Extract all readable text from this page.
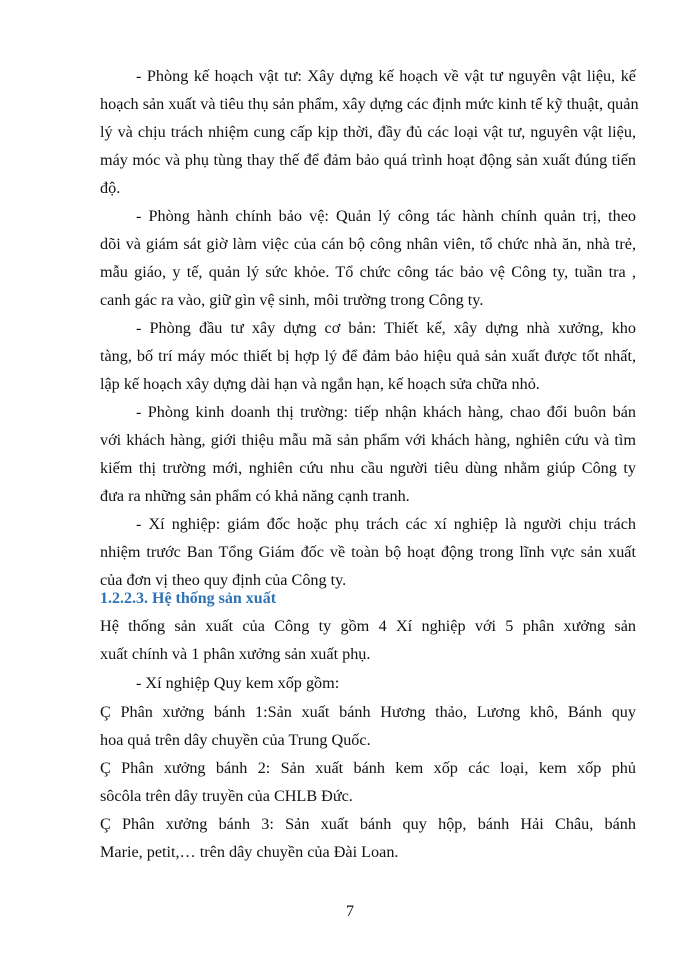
- Phòng kế hoạch vật tư: Xây dựng kế hoạch về vật tư nguyên vật liệu, kế
hoạch sản xuất và tiêu thụ sản phẩm, xây dựng các định mức kinh tế kỹ thuật, quản
lý và chịu trách nhiệm cung cấp kịp thời, đầy đủ các loại vật tư, nguyên vật liệu,
máy móc và phụ tùng thay thế để đảm bảo quá trình hoạt động sản xuất đúng tiến
độ.
- Phòng hành chính bảo vệ: Quản lý công tác hành chính quản trị, theo
dõi và giám sát giờ làm việc của cán bộ công nhân viên, tổ chức nhà ăn, nhà trẻ,
mẫu giáo, y tế, quản lý sức khỏe. Tổ chức công tác bảo vệ Công ty, tuần tra ,
canh gác ra vào, giữ gìn vệ sinh, môi trường trong Công ty.
- Phòng đầu tư xây dựng cơ bản: Thiết kế, xây dựng nhà xưởng, kho
tàng, bố trí máy móc thiết bị hợp lý để đảm bảo hiệu quả sản xuất được tốt nhất,
lập kế hoạch xây dựng dài hạn và ngắn hạn, kế hoạch sửa chữa nhỏ.
- Phòng kinh doanh thị trường: tiếp nhận khách hàng, chao đổi buôn bán
với khách hàng, giới thiệu mẫu mã sản phẩm với khách hàng, nghiên cứu và tìm
kiếm thị trường mới, nghiên cứu nhu cầu người tiêu dùng nhằm giúp Công ty
đưa ra những sản phẩm có khả năng cạnh tranh.
- Xí nghiệp: giám đốc hoặc phụ trách các xí nghiệp là người chịu trách
nhiệm trước Ban Tổng Giám đốc về toàn bộ hoạt động trong lĩnh vực sản xuất
của đơn vị theo quy định của Công ty.
1.2.2.3. Hệ thống sản xuất
Hệ thống sản xuất của Công ty gồm 4 Xí nghiệp với 5 phân xưởng sản
xuất chính và 1 phân xưởng sản xuất phụ.
- Xí nghiệp Quy kem xốp gồm:
Ç Phân xưởng bánh 1:Sản xuất bánh Hương thảo, Lương khô, Bánh quy
hoa quả trên dây chuyền của Trung Quốc.
Ç Phân xưởng bánh 2: Sản xuất bánh kem xốp các loại, kem xốp phủ
sôcôla trên dây truyền của CHLB Đức.
Ç Phân xưởng bánh 3: Sản xuất bánh quy hộp, bánh Hải Châu, bánh
Marie, petit,… trên dây chuyền của Đài Loan.
7
